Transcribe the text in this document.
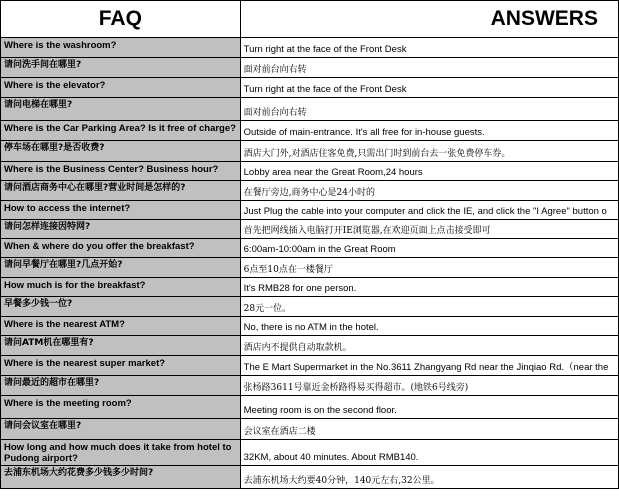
FAQ	ANSWERS
Where is the washroom?	Turn right at the face of the Front Desk
请问洗手间在哪里?	面对前台向右转
Where is the elevator?	Turn right at the face of the Front Desk
请问电梯在哪里?	面对前台向右转
Where is the Car Parking Area? Is it free of charge?	Outside of main-entrance. It's all free for in-house guests.
停车场在哪里?是否收费?	酒店大门外,对酒店住客免费,只需出门时到前台去一张免费停车券。
Where is the Business Center? Business hour?	Lobby area near the Great Room,24 hours
请问酒店商务中心在哪里?营业时间是怎样的?	在餐厅旁边,商务中心是24小时的
How to access the internet?	Just Plug the cable into your computer and click the IE, and click the "I Agree" button o
请问怎样连接因特网?	首先把网线插入电脑打开IE浏览器,在欢迎页面上点击接受即可
When & where do you offer the breakfast?	6:00am-10:00am in the Great Room
请问早餐厅在哪里?几点开始?	6点至10点在一楼餐厅
How much is for the breakfast?	It's RMB28 for one person.
早餐多少钱一位?	28元一位。
Where is the nearest ATM?	No, there is no ATM in the hotel.
请问ATM机在哪里有?	酒店内不提供自动取款机。
Where is the nearest super market?	The E Mart Supermarket in the No.3611 Zhangyang Rd near the Jinqiao Rd.（near the
请问最近的超市在哪里?	张杨路3611号靠近金桥路得易买得超市。(地铁6号线旁)
Where is the meeting room?	Meeting room is on the second floor.
请问会议室在哪里?	会议室在酒店二楼
How long and how much does it take from hotel to Pudong airport?	32KM, about 40 minutes. About RMB140.
去浦东机场大约花费多少钱多少时间?	去浦东机场大约要40分钟，140元左右,32公里。
